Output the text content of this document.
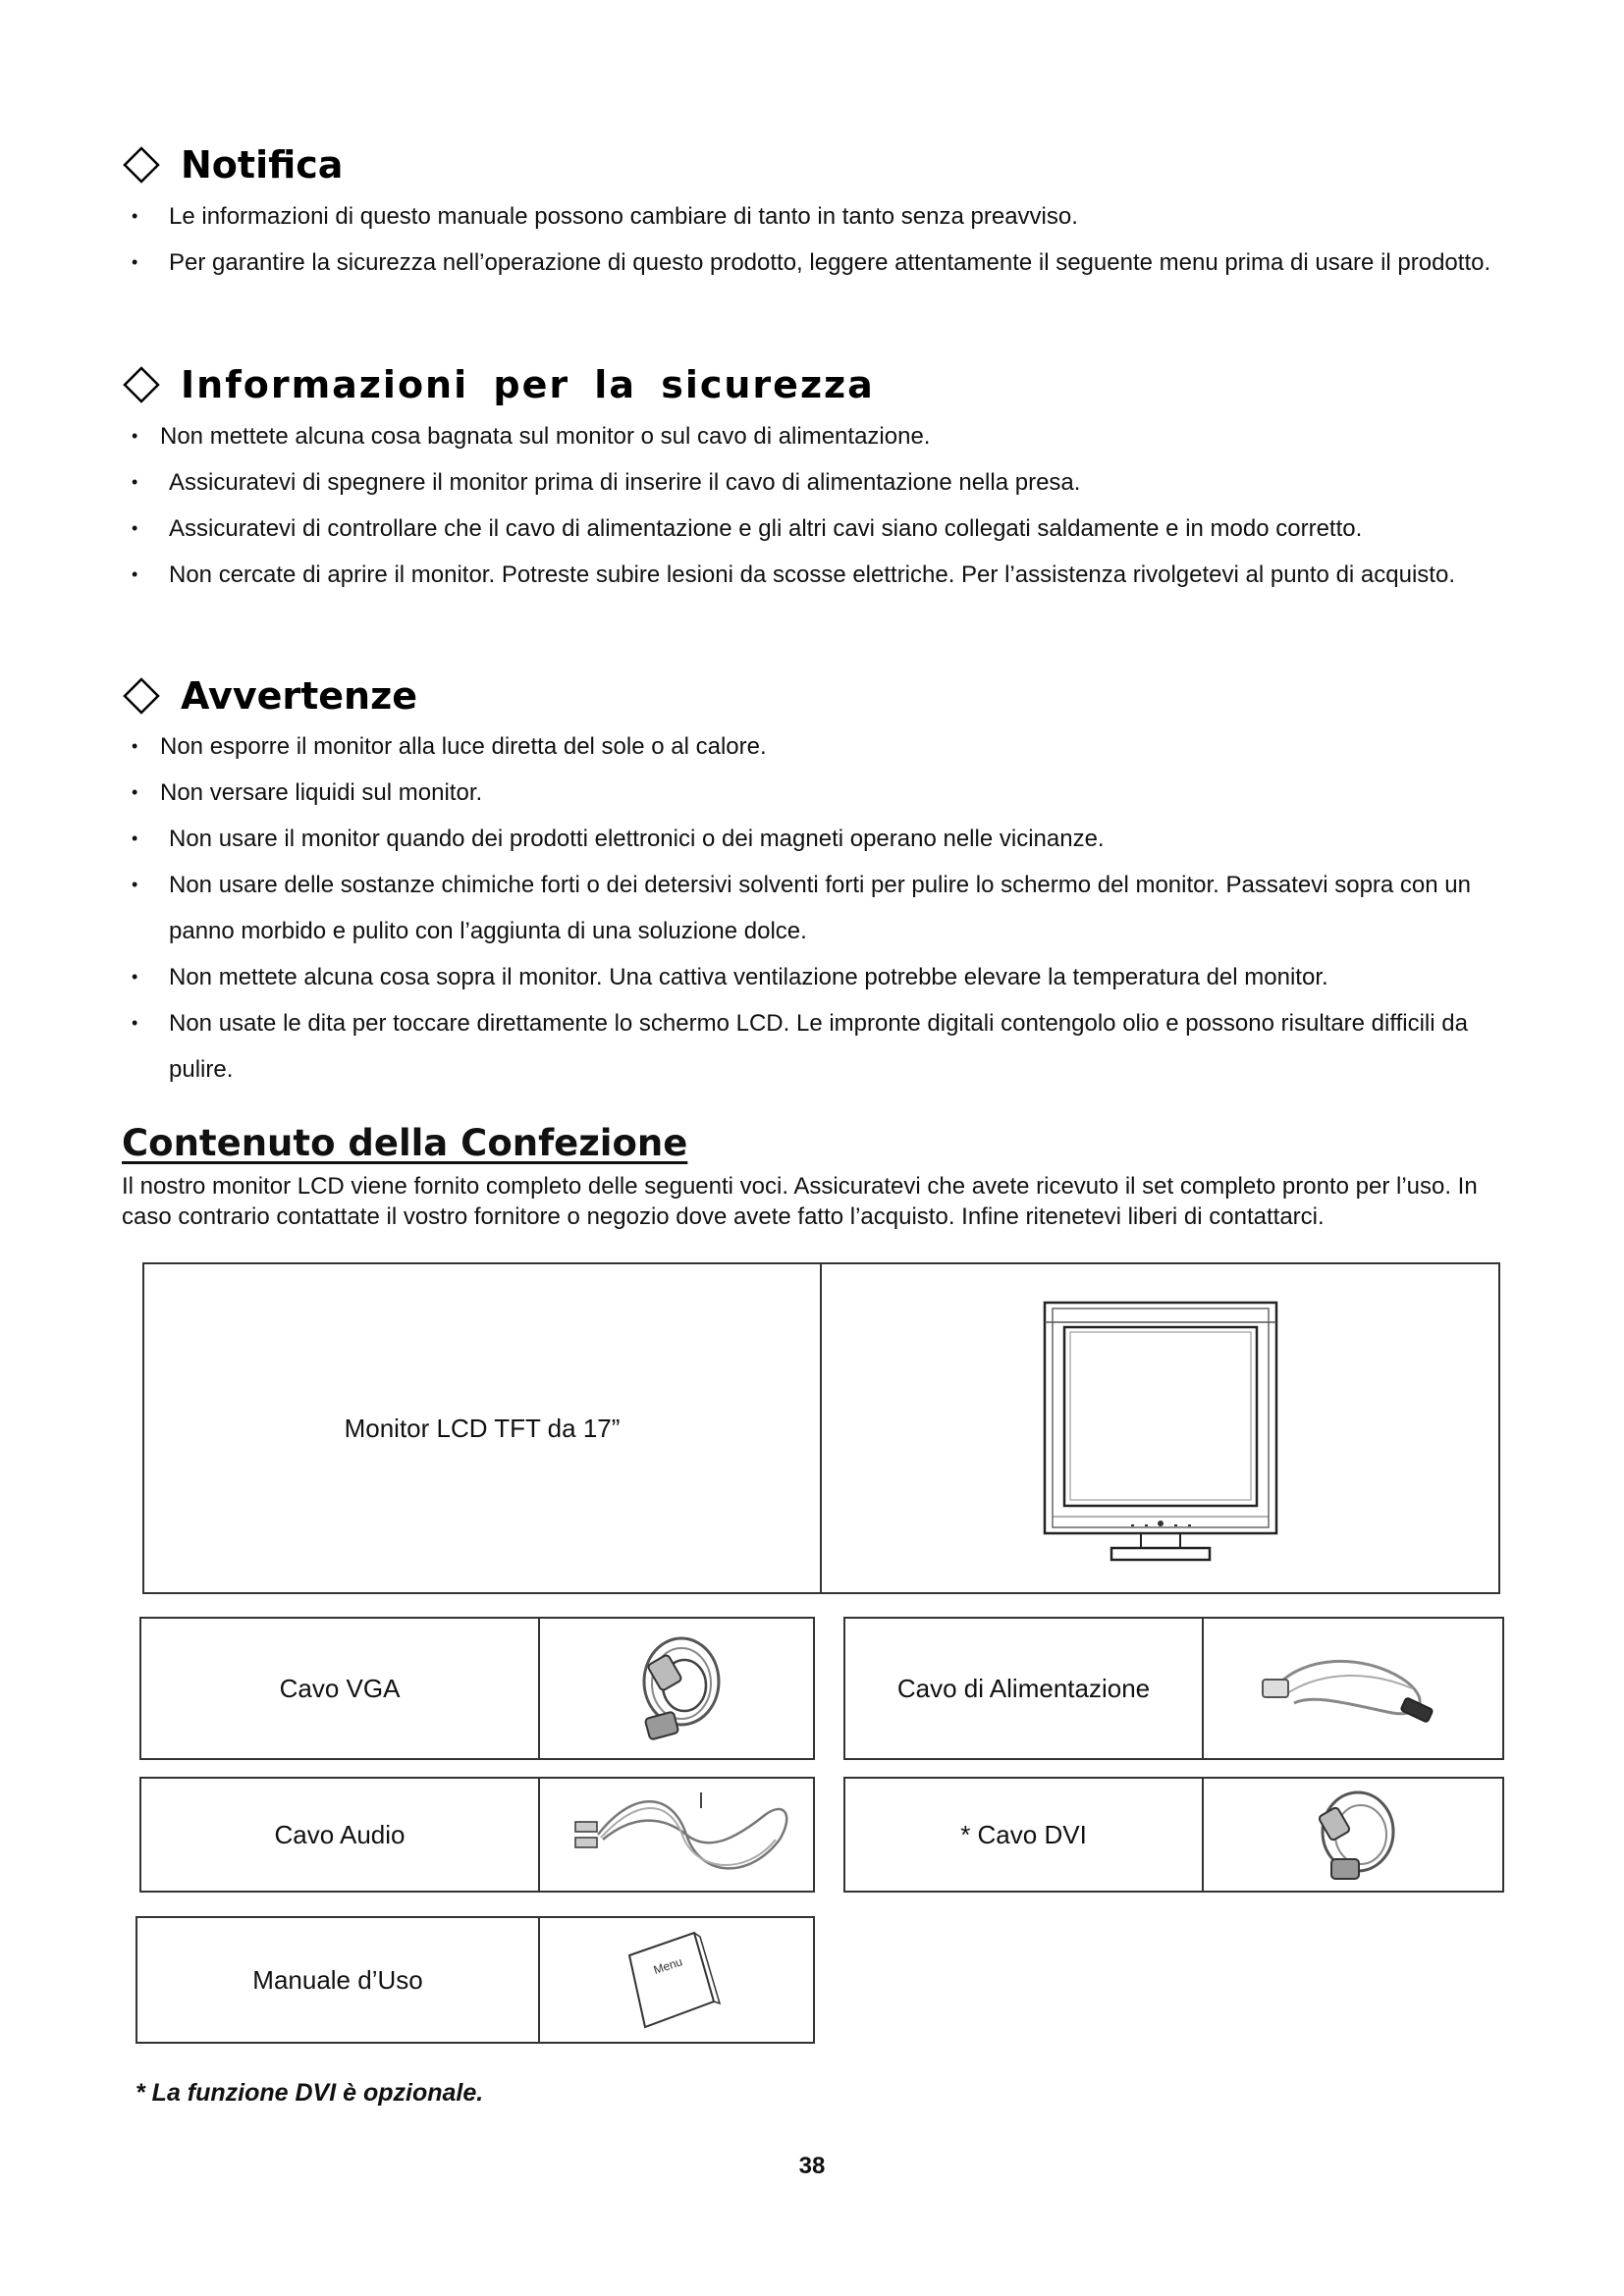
Notifica
• Le informazioni di questo manuale possono cambiare di tanto in tanto senza preavviso.
• Per garantire la sicurezza nell’operazione di questo prodotto, leggere attentamente il seguente menu prima di usare il prodotto.
Informazioni per la sicurezza
• Non mettete alcuna cosa bagnata sul monitor o sul cavo di alimentazione.
• Assicuratevi di spegnere il monitor prima di inserire il cavo di alimentazione nella presa.
• Assicuratevi di controllare che il cavo di alimentazione e gli altri cavi siano collegati saldamente e in modo corretto.
• Non cercate di aprire il monitor. Potreste subire lesioni da scosse elettriche. Per l’assistenza rivolgetevi al punto di acquisto.
Avvertenze
• Non esporre il monitor alla luce diretta del sole o al calore.
• Non versare liquidi sul monitor.
• Non usare il monitor quando dei prodotti elettronici o dei magneti operano nelle vicinanze.
• Non usare delle sostanze chimiche forti o dei detersivi solventi forti per pulire lo schermo del monitor. Passatevi sopra con un panno morbido e pulito con l’aggiunta di una soluzione dolce.
• Non mettete alcuna cosa sopra il monitor. Una cattiva ventilazione potrebbe elevare la temperatura del monitor.
• Non usate le dita per toccare direttamente lo schermo LCD. Le impronte digitali contengolo olio e possono risultare difficili da pulire.
Contenuto della Confezione
Il nostro monitor LCD viene fornito completo delle seguenti voci. Assicuratevi che avete ricevuto il set completo pronto per l’uso. In caso contrario contattate il vostro fornitore o negozio dove avete fatto l’acquisto. Infine ritenetevi liberi di contattarci.
Monitor LCD TFT da 17”
Cavo VGA	Cavo di Alimentazione
Cavo Audio	* Cavo DVI
Manuale d’Uso	Menu
* La funzione DVI è opzionale.
38
